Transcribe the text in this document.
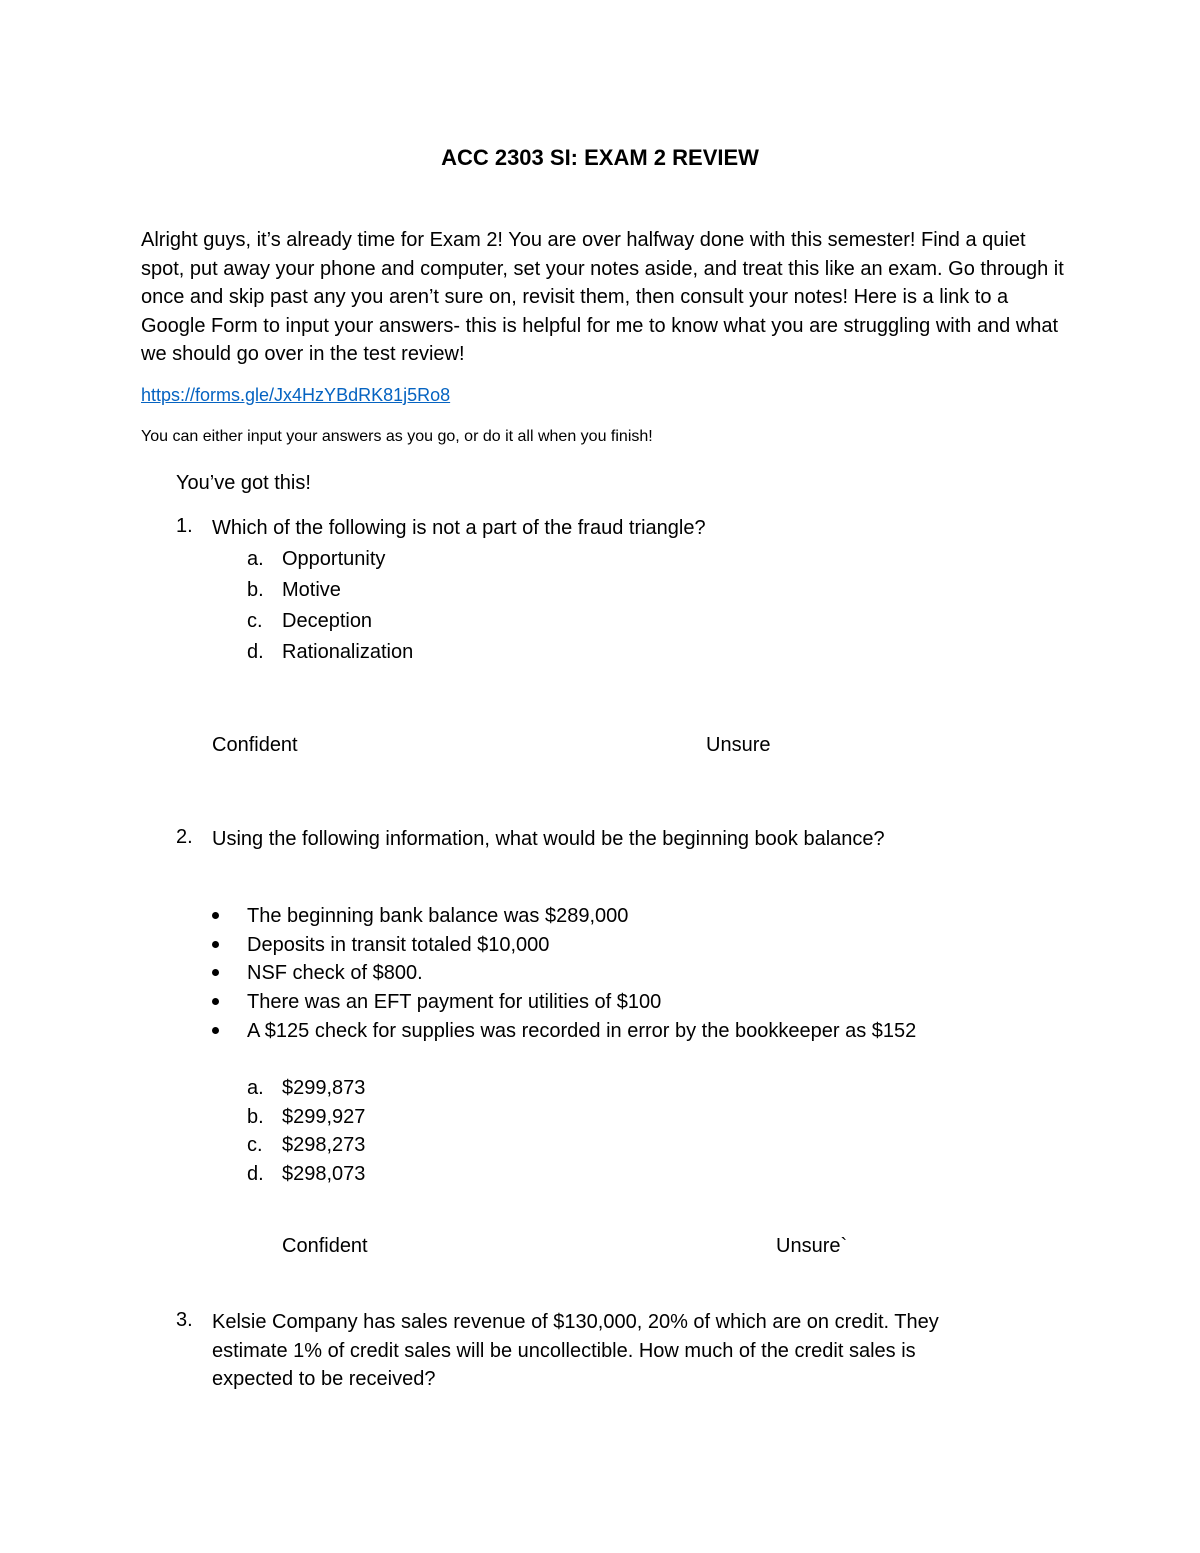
ACC 2303 SI: EXAM 2 REVIEW

Alright guys, it’s already time for Exam 2! You are over halfway done with this semester! Find a quiet spot, put away your phone and computer, set your notes aside, and treat this like an exam. Go through it once and skip past any you aren’t sure on, revisit them, then consult your notes! Here is a link to a Google Form to input your answers- this is helpful for me to know what you are struggling with and what we should go over in the test review!

https://forms.gle/Jx4HzYBdRK81j5Ro8

You can either input your answers as you go, or do it all when you finish!

You’ve got this!

1. Which of the following is not a part of the fraud triangle?

a. Opportunity
b. Motive
c. Deception
d. Rationalization
Confident	Unsure
2. Using the following information, what would be the beginning book balance?

The beginning bank balance was $289,000

Deposits in transit totaled $10,000

NSF check of $800.

There was an EFT payment for utilities of $100

A $125 check for supplies was recorded in error by the bookkeeper as $152

a. $299,873
b. $299,927
c. $298,273
d. $298,073
Confident	Unsure`
3. Kelsie Company has sales revenue of $130,000, 20% of which are on credit. They

estimate 1% of credit sales will be uncollectible. How much of the credit sales is

expected to be received?
